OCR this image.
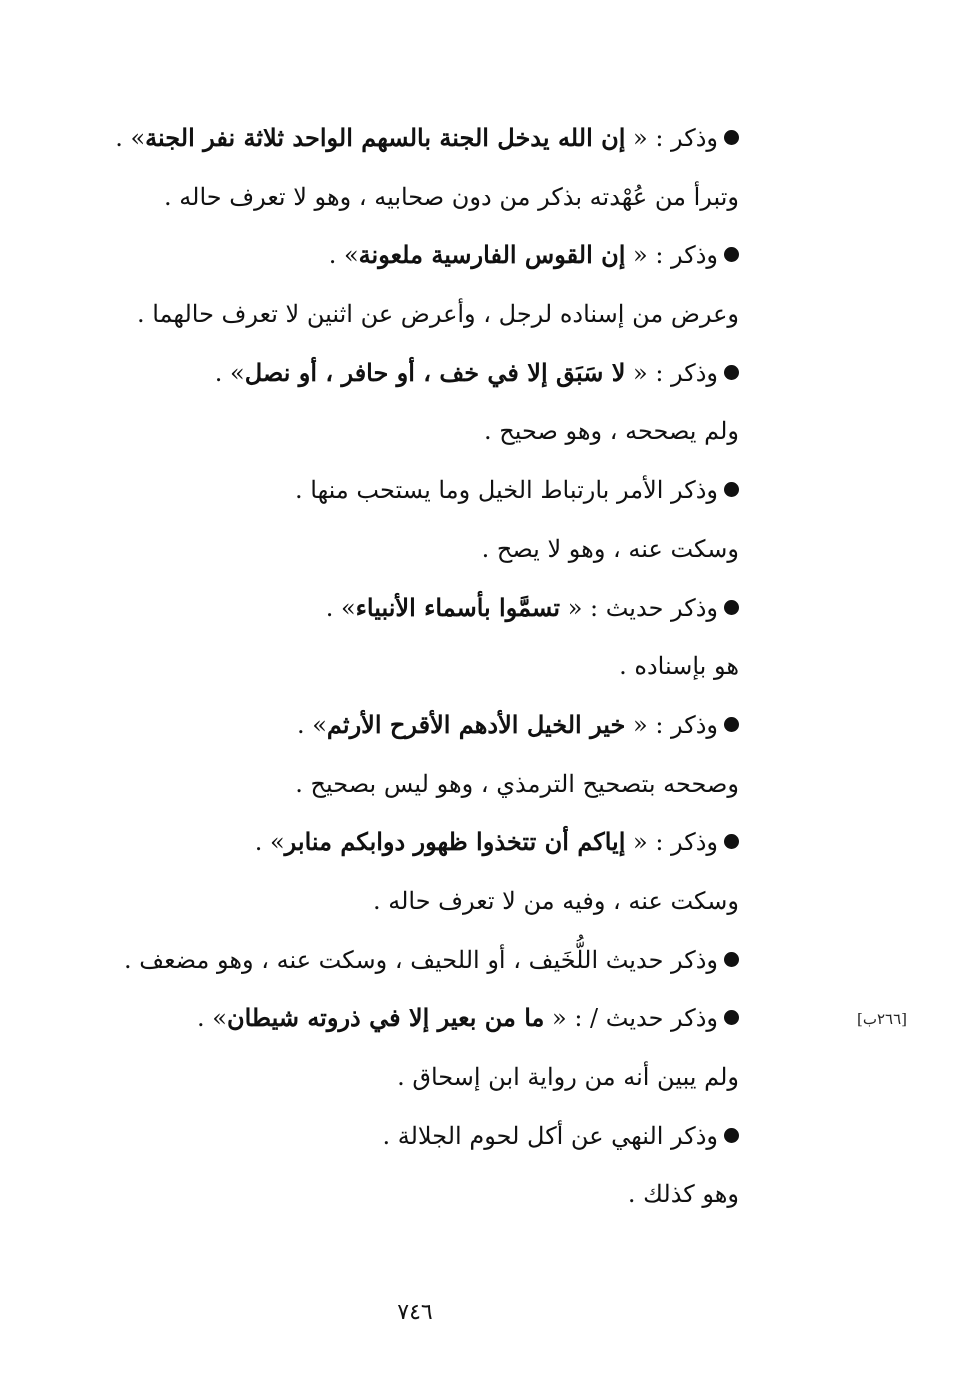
وذكر : « إن الله يدخل الجنة بالسهم الواحد ثلاثة نفر الجنة» .
وتبرأ من عُهْدته بذكر من دون صحابيه ، وهو لا تعرف حاله .
وذكر : « إن القوس الفارسية ملعونة» .
وعرض من إسناده لرجل ، وأعرض عن اثنين لا تعرف حالهما .
وذكر : « لا سَبَق إلا في خف ، أو حافر ، أو نصل» .
ولم يصححه ، وهو صحيح .
وذكر الأمر بارتباط الخيل وما يستحب منها .
وسكت عنه ، وهو لا يصح .
وذكر حديث : « تسمَّوا بأسماء الأنبياء» .
هو بإسناده .
وذكر : « خير الخيل الأدهم الأقرح الأرثم» .
وصححه بتصحيح الترمذي ، وهو ليس بصحيح .
وذكر : « إياكم أن تتخذوا ظهور دوابكم منابر» .
وسكت عنه ، وفيه من لا تعرف حاله .
وذكر حديث اللُّخَيف ، أو اللحيف ، وسكت عنه ، وهو مضعف .
وذكر حديث / : « ما من بعير إلا في ذروته شيطان» .
ولم يبين أنه من رواية ابن إسحاق .
وذكر النهي عن أكل لحوم الجلالة .
وهو كذلك .
[٢٦٦ب]
٧٤٦
